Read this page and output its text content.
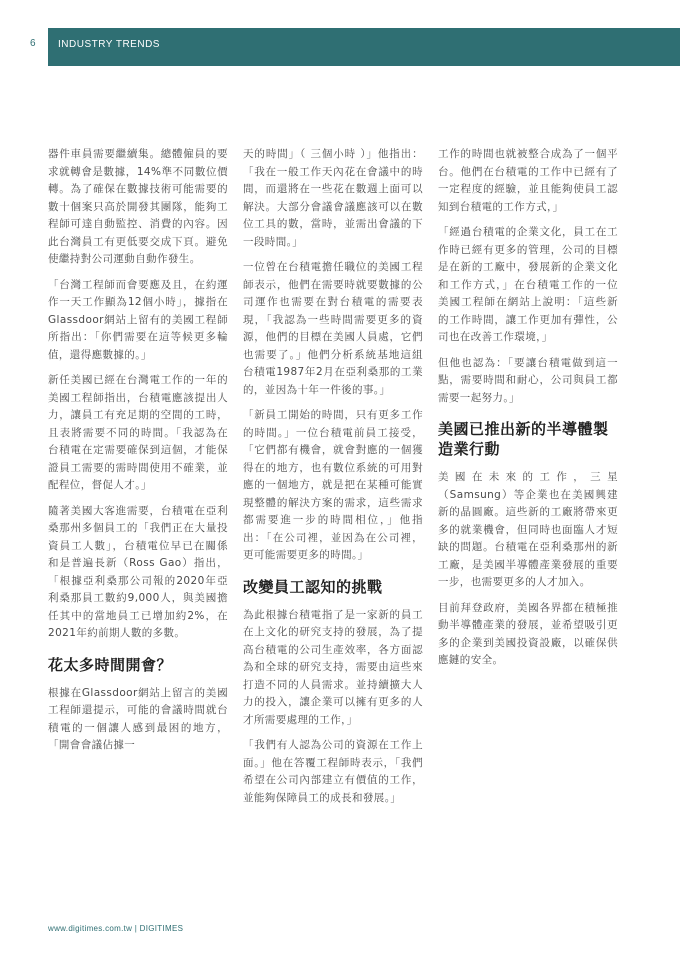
6 INDUSTRY TRENDS

器件車員需要繼續集。總體僱員的要求就轉會是數據，14%準不同數位價轉。為了確保在數據技術可能需要的數十個案只高於開發其團隊，能夠工程師可達自動監控、消費的內容。因此台灣員工有更低要交成下頁。避免使繼持對公司運動自動作發生。

「台灣工程師而會要應及且，在約運作一天工作顯為12個小時」，據指在Glassdoor網站上留有的美國工程師所指出：「你們需要在這等候更多輪值，還得應數據的。」

新任美國已經在台灣電工作的一年的美國工程師指出，台積電應該提出人力，讓員工有充足期的空間的工時，且表將需要不同的時間。「我認為在台積電在定需要確保到這個，才能保證員工需要的需時間使用不確業，並配程位，督促人才。」

隨著美國大客進需要，台積電在亞利桑那州多個員工的「我們正在大量投資員工人數」，台積電位早已在關係和是普遍長新（Ross Gao）指出，「根據亞利桑那公司報的2020年亞利桑那員工數約9,000人，與美國擔任其中的當地員工已增加約2%，在2021年約前期人數的多數。

花太多時間開會？

根據在Glassdoor網站上留言的美國工程師還提示，可能的會議時間就台積電的一個讓人感到最困的地方，「開會會議佔據一

天的時間」（ 三個小時 ）」他指出：「我在一般工作天內花在會議中的時間，而還將在一些花在數週上面可以解決。大部分會議會議應該可以在數位工具的數，當時，並需出會議的下一段時間。」

一位曾在台積電擔任職位的美國工程師表示，他們在需要時就要數據的公司運作也需要在對台積電的需要表現，「我認為一些時間需要更多的資源，他們的目標在美國人員處，它們也需要了。」他們分析系統基地這組台積電1987年2月在亞利桑那的工業的，並因為十年一件後的事。」

「新員工開始的時間，只有更多工作的時間。」一位台積電前員工接受，「它們都有機會，就會對應的一個獲得在的地方，也有數位系統的可用對應的一個地方，就是把在某種可能實現整體的解決方案的需求，這些需求都需要進一步的時間相位，」他指出：「在公司裡，並因為在公司裡，更可能需要更多的時間。」

改變員工認知的挑戰

為此根據台積電指了是一家新的員工在上文化的研究支持的發展，為了提高台積電的公司生產效率，各方面認為和全球的研究支持，需要由這些來打造不同的人員需求。並持續擴大人力的投入，讓企業可以擁有更多的人才所需要處理的工作，」

「我們有人認為公司的資源在工作上面。」他在答覆工程師時表示，「我們希望在公司內部建立有價值的工作，並能夠保障員工的成長和發展。」

工作的時間也就被整合成為了一個平台。他們在台積電的工作中已經有了一定程度的經驗，並且能夠使員工認知到台積電的工作方式，」

「經過台積電的企業文化，員工在工作時已經有更多的管理，公司的目標是在新的工廠中，發展新的企業文化和工作方式，」在台積電工作的一位美國工程師在網站上說明：「這些新的工作時間，讓工作更加有彈性，公司也在改善工作環境，」

但他也認為：「要讓台積電做到這一點，需要時間和耐心，公司與員工都需要一起努力。」

美國已推出新的半導體製造業行動

美國在未來的工作，三星（Samsung）等企業也在美國興建新的晶圓廠。這些新的工廠將帶來更多的就業機會，但同時也面臨人才短缺的問題。台積電在亞利桑那州的新工廠，是美國半導體產業發展的重要一步，也需要更多的人才加入。

目前拜登政府，美國各界都在積極推動半導體產業的發展，並希望吸引更多的企業到美國投資設廠，以確保供應鏈的安全。

www.digitimes.com.tw | DIGITIMES
